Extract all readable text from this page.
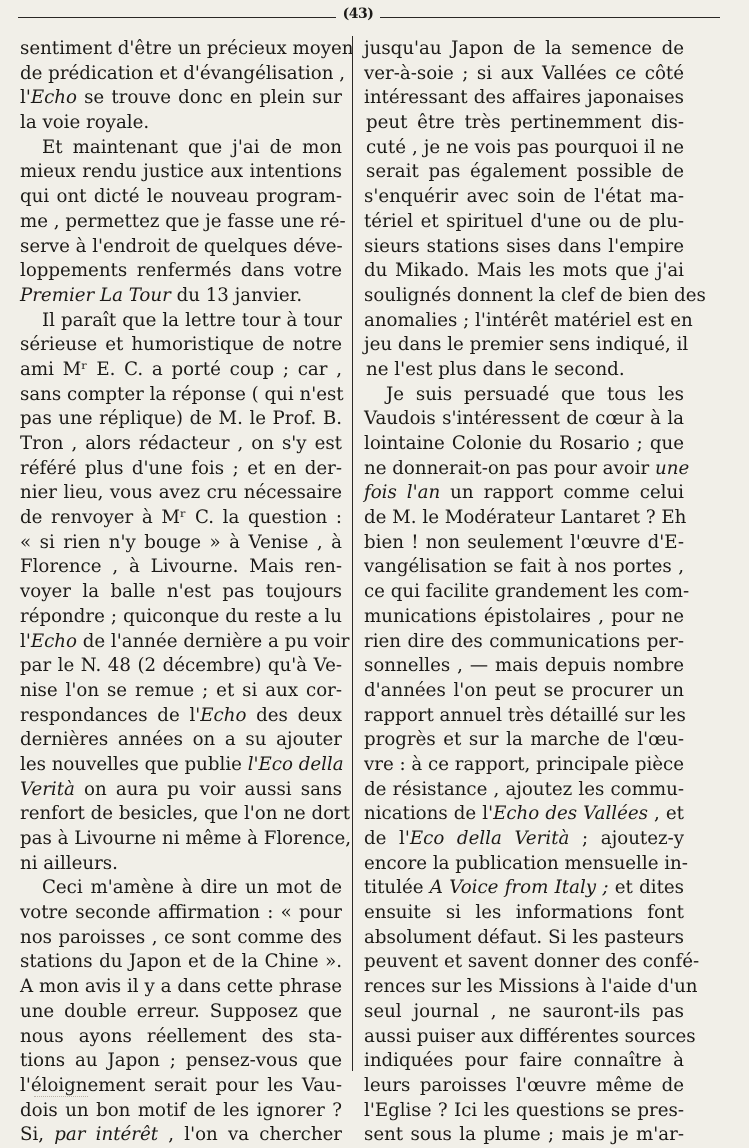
(43)
sentiment d'être un précieux moyen
de prédication et d'évangélisation ,
l'Echo se trouve donc en plein sur
la voie royale.
Et maintenant que j'ai de mon
mieux rendu justice aux intentions
qui ont dicté le nouveau program-
me , permettez que je fasse une ré-
serve à l'endroit de quelques déve-
loppements renfermés dans votre
Premier La Tour du 13 janvier.
Il paraît que la lettre tour à tour
sérieuse et humoristique de notre
ami Mʳ E. C. a porté coup ; car ,
sans compter la réponse ( qui n'est
pas une réplique) de M. le Prof. B.
Tron , alors rédacteur , on s'y est
référé plus d'une fois ; et en der-
nier lieu, vous avez cru nécessaire
de renvoyer à Mʳ C. la question :
« si rien n'y bouge » à Venise , à
Florence , à Livourne. Mais ren-
voyer la balle n'est pas toujours
répondre ; quiconque du reste a lu
l'Echo de l'année dernière a pu voir
par le N. 48 (2 décembre) qu'à Ve-
nise l'on se remue ; et si aux cor-
respondances de l'Echo des deux
dernières années on a su ajouter
les nouvelles que publie l'Eco della
Verità on aura pu voir aussi sans
renfort de besicles, que l'on ne dort
pas à Livourne ni même à Florence,
ni ailleurs.
Ceci m'amène à dire un mot de
votre seconde affirmation : « pour
nos paroisses , ce sont comme des
stations du Japon et de la Chine ».
A mon avis il y a dans cette phrase
une double erreur. Supposez que
nous ayons réellement des sta-
tions au Japon ; pensez-vous que
l'éloignement serait pour les Vau-
dois un bon motif de les ignorer ?
Si, par intérêt , l'on va chercher
jusqu'au Japon de la semence de
ver-à-soie ; si aux Vallées ce côté
intéressant des affaires japonaises
peut être très pertinemment dis-
cuté , je ne vois pas pourquoi il ne
serait pas également possible de
s'enquérir avec soin de l'état ma-
tériel et spirituel d'une ou de plu-
sieurs stations sises dans l'empire
du Mikado. Mais les mots que j'ai
soulignés donnent la clef de bien des
anomalies ; l'intérêt matériel est en
jeu dans le premier sens indiqué, il
ne l'est plus dans le second.
Je suis persuadé que tous les
Vaudois s'intéressent de cœur à la
lointaine Colonie du Rosario ; que
ne donnerait-on pas pour avoir une
fois l'an un rapport comme celui
de M. le Modérateur Lantaret ? Eh
bien ! non seulement l'œuvre d'E-
vangélisation se fait à nos portes ,
ce qui facilite grandement les com-
munications épistolaires , pour ne
rien dire des communications per-
sonnelles , — mais depuis nombre
d'années l'on peut se procurer un
rapport annuel très détaillé sur les
progrès et sur la marche de l'œu-
vre : à ce rapport, principale pièce
de résistance , ajoutez les commu-
nications de l'Echo des Vallées , et
de l'Eco della Verità ; ajoutez-y
encore la publication mensuelle in-
titulée A Voice from Italy ; et dites
ensuite si les informations font
absolument défaut. Si les pasteurs
peuvent et savent donner des confé-
rences sur les Missions à l'aide d'un
seul journal , ne sauront-ils pas
aussi puiser aux différentes sources
indiquées pour faire connaître à
leurs paroisses l'œuvre même de
l'Eglise ? Ici les questions se pres-
sent sous la plume ; mais je m'ar-
